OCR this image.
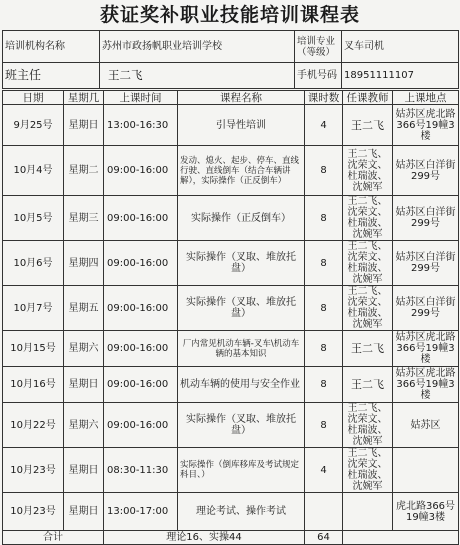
获证奖补职业技能培训课程表
培训机构名称	苏州市政扬帆职业培训学校	培训专业（等级）	叉车司机
班主任	王二飞	手机号码	18951111107
日期	星期几	上课时间	课程名称	课时数	任课教师	上课地点
9月25号	星期日	13:00-16:30	引导性培训	4	王二飞	姑苏区虎北路366号19幢3楼
10月4号	星期二	09:00-16:00	发动、熄火、起步、停车、直线行驶、直线倒车（结合车辆讲解），实际操作（正反倒车）	8	王二飞、沈荣文、杜瑞波、沈婉军	姑苏区白洋街299号
10月5号	星期三	09:00-16:00	实际操作（正反倒车）	8	王二飞、沈荣文、杜瑞波、沈婉军	姑苏区白洋街299号
10月6号	星期四	09:00-16:00	实际操作（叉取、堆放托盘）	8	王二飞、沈荣文、杜瑞波、沈婉军	姑苏区白洋街299号
10月7号	星期五	09:00-16:00	实际操作（叉取、堆放托盘）	8	王二飞、沈荣文、杜瑞波、沈婉军	姑苏区白洋街299号
10月15号	星期六	09:00-16:00	厂内常见机动车辆-叉车\机动车辆的基本知识	8	王二飞	姑苏区虎北路366号19幢3楼
10月16号	星期日	09:00-16:00	机动车辆的使用与安全作业	8	王二飞	姑苏区虎北路366号19幢3楼
10月22号	星期六	09:00-16:00	实际操作（叉取、堆放托盘）	8	王二飞、沈荣文、杜瑞波、沈婉军	姑苏区
10月23号	星期日	08:30-11:30	实际操作（倒库移库及考试规定科目、）	4	王二飞、沈荣文、杜瑞波、沈婉军	
10月23号	星期日	13:00-17:00	理论考试、操作考试			虎北路366号19幢3楼
合计		理论16、实操44		64		
